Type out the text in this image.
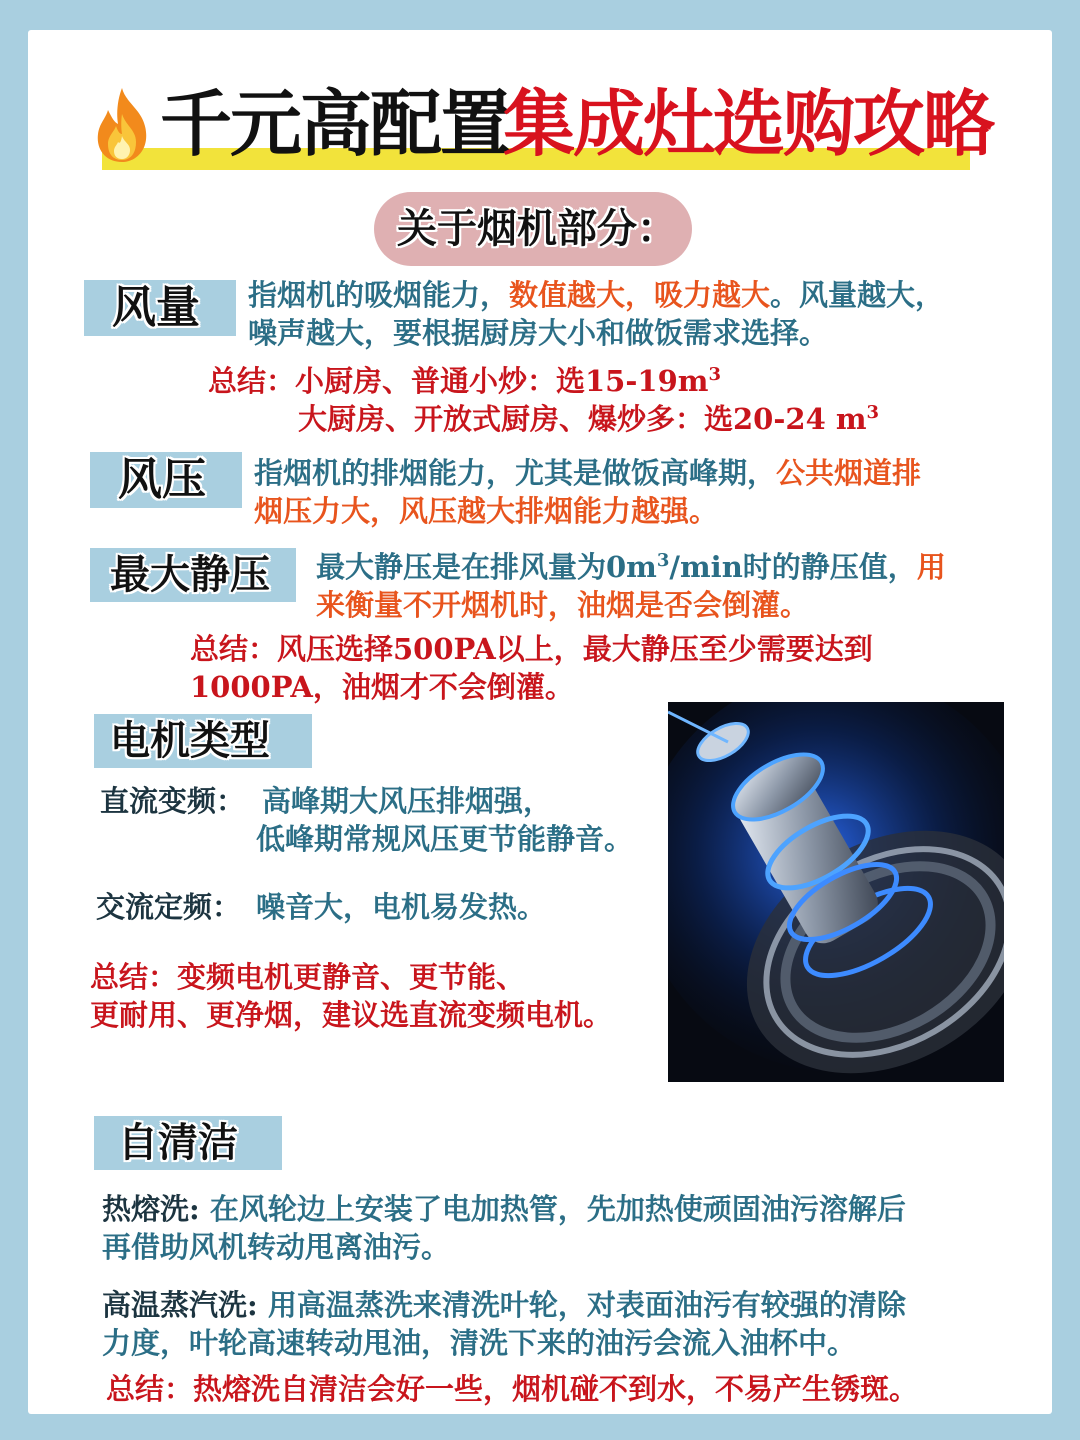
千元高配置
集成灶选购攻略
关于烟机部分：
风量 指烟机的吸烟能力，数值越大，吸力越大。风量越大，
噪声越大，要根据厨房大小和做饭需求选择。
总结：小厨房、普通小炒：选$15-19m^3$
大厨房、开放式厨房、爆炒多：选20-24 $m^3$
风压 指烟机的排烟能力，尤其是做饭高峰期，公共烟道排
烟压力大，风压越大排烟能力越强。
最大静压 最大静压是在排风量为$0m^3/\min$时的静压值，用
来衡量不开烟机时，油烟是否会倒灌。
总结：风压选择500PA以上，最大静压至少需要达到
1000PA，油烟才不会倒灌。
电机类型
直流变频： 高峰期大风压排烟强，
低峰期常规风压更节能静音。
交流定频： 噪音大，电机易发热。
总结：变频电机更静音、更节能、
更耐用、更净烟，建议选直流变频电机。
自清洁
热熔洗: 在风轮边上安装了电加热管，先加热使顽固油污溶解后
再借助风机转动甩离油污。
高温蒸汽洗: 用高温蒸洗来清洗叶轮，对表面油污有较强的清除
力度，叶轮高速转动甩油，清洗下来的油污会流入油杯中。
总结：热熔洗自清洁会好一些，烟机碰不到水，不易产生锈斑。
